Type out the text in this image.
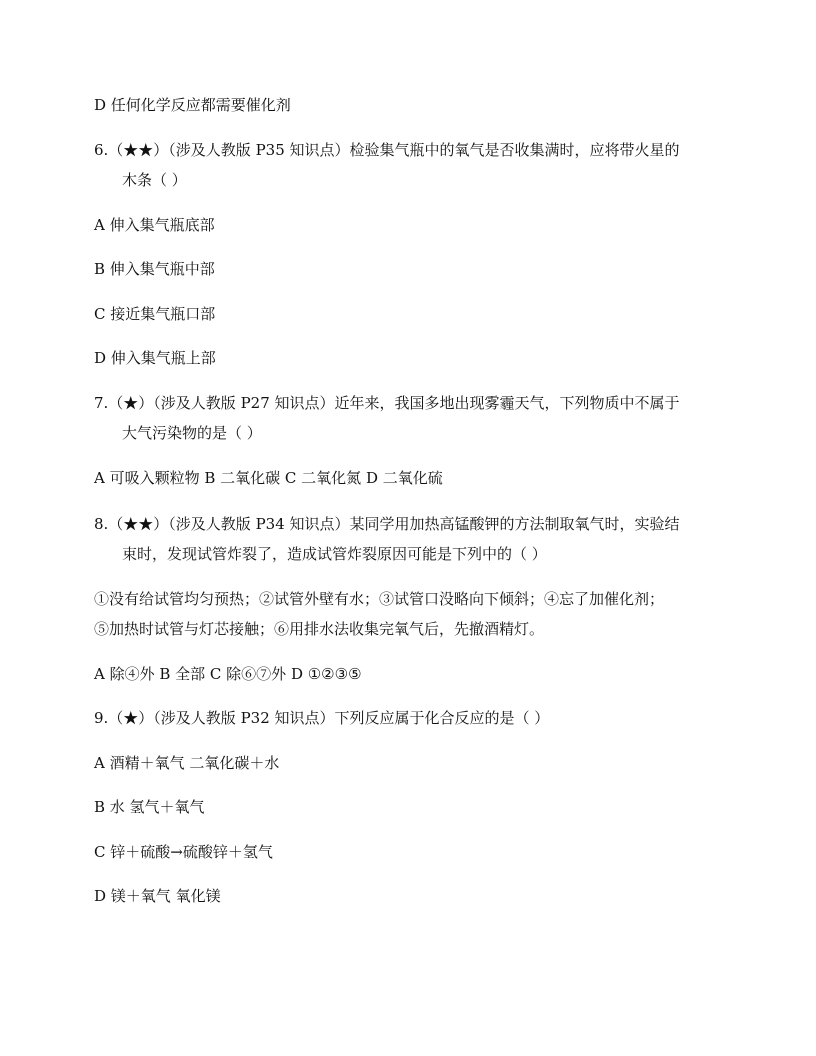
D 任何化学反应都需要催化剂
6.（★★）（涉及人教版 P35 知识点）检验集气瓶中的氧气是否收集满时，应将带火星的
木条（ ）
A 伸入集气瓶底部
B 伸入集气瓶中部
C 接近集气瓶口部
D 伸入集气瓶上部
7.（★）（涉及人教版 P27 知识点）近年来，我国多地出现雾霾天气，下列物质中不属于
大气污染物的是（ ）
A 可吸入颗粒物 B 二氧化碳 C 二氧化氮 D 二氧化硫
8.（★★）（涉及人教版 P34 知识点）某同学用加热高锰酸钾的方法制取氧气时，实验结
束时，发现试管炸裂了，造成试管炸裂原因可能是下列中的（ ）
①没有给试管均匀预热；②试管外壁有水；③试管口没略向下倾斜；④忘了加催化剂；
⑤加热时试管与灯芯接触；⑥用排水法收集完氧气后，先撤酒精灯。
A 除④外 B 全部 C 除⑥⑦外 D ①②③⑤
9.（★）（涉及人教版 P32 知识点）下列反应属于化合反应的是（ ）
A 酒精＋氧气 二氧化碳＋水
B 水 氢气＋氧气
C 锌＋硫酸→硫酸锌＋氢气
D 镁＋氧气 氧化镁
